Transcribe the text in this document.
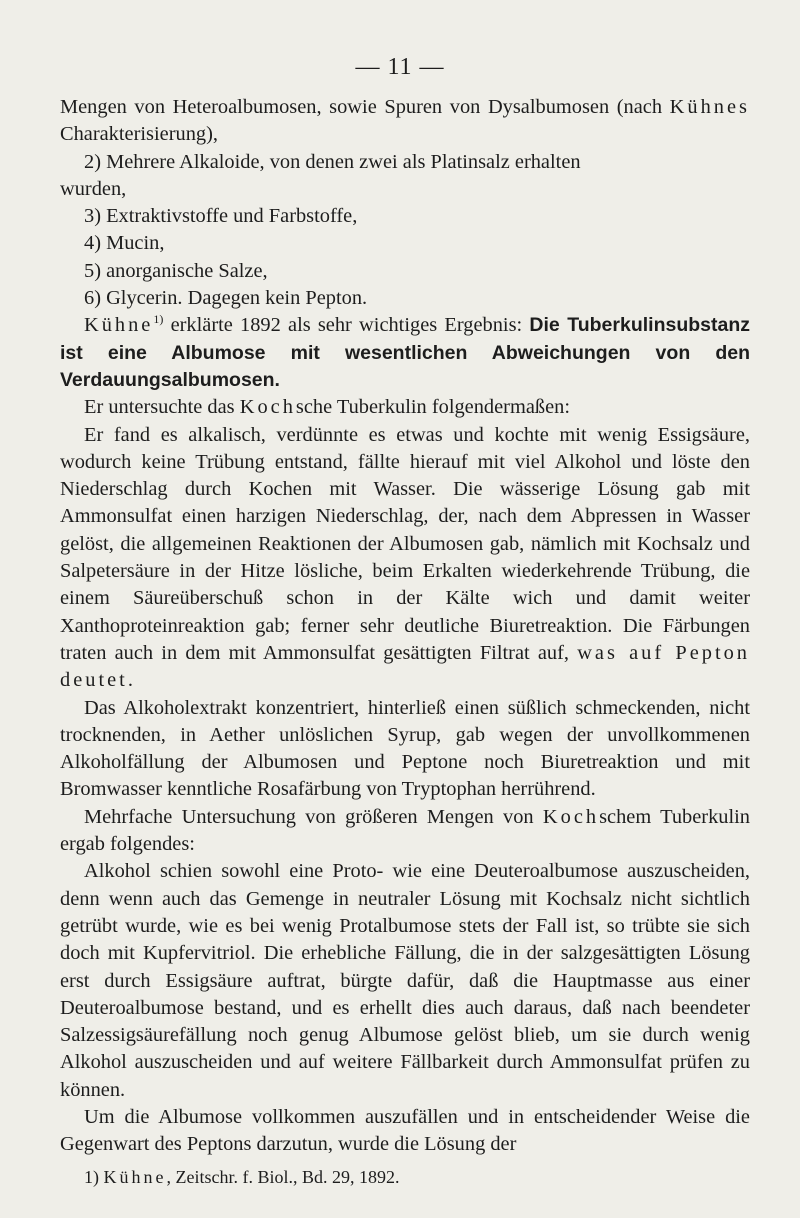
— 11 —

Mengen von Heteroalbumosen, sowie Spuren von Dysalbumosen (nach Kühnes Charakterisierung),

2) Mehrere Alkaloide, von denen zwei als Platinsalz erhalten

wurden,

3) Extraktivstoffe und Farbstoffe,

4) Mucin,

5) anorganische Salze,

6) Glycerin. Dagegen kein Pepton.

Kühne$^{1)}$ erklärte 1892 als sehr wichtiges Ergebnis: Die Tuberkulinsubstanz ist eine Albumose mit wesentlichen Abweichungen von den Verdauungsalbumosen.

Er untersuchte das Kochsche Tuberkulin folgendermaßen:

Er fand es alkalisch, verdünnte es etwas und kochte mit wenig Essigsäure, wodurch keine Trübung entstand, fällte hierauf mit viel Alkohol und löste den Niederschlag durch Kochen mit Wasser. Die wässerige Lösung gab mit Ammonsulfat einen harzigen Niederschlag, der, nach dem Abpressen in Wasser gelöst, die allgemeinen Reaktionen der Albumosen gab, nämlich mit Kochsalz und Salpetersäure in der Hitze lösliche, beim Erkalten wiederkehrende Trübung, die einem Säureüberschuß schon in der Kälte wich und damit weiter Xanthoproteinreaktion gab; ferner sehr deutliche Biuretreaktion. Die Färbungen traten auch in dem mit Ammonsulfat gesättigten Filtrat auf, was auf Pepton deutet.

Das Alkoholextrakt konzentriert, hinterließ einen süßlich schmeckenden, nicht trocknenden, in Aether unlöslichen Syrup, gab wegen der unvollkommenen Alkoholfällung der Albumosen und Peptone noch Biuretreaktion und mit Bromwasser kenntliche Rosafärbung von Tryptophan herrührend.

Mehrfache Untersuchung von größeren Mengen von Kochschem Tuberkulin ergab folgendes:

Alkohol schien sowohl eine Proto- wie eine Deuteroalbumose auszuscheiden, denn wenn auch das Gemenge in neutraler Lösung mit Kochsalz nicht sichtlich getrübt wurde, wie es bei wenig Protalbumose stets der Fall ist, so trübte sie sich doch mit Kupfervitriol. Die erhebliche Fällung, die in der salzgesättigten Lösung erst durch Essigsäure auftrat, bürgte dafür, daß die Hauptmasse aus einer Deuteroalbumose bestand, und es erhellt dies auch daraus, daß nach beendeter Salzessigsäurefällung noch genug Albumose gelöst blieb, um sie durch wenig Alkohol auszuscheiden und auf weitere Fällbarkeit durch Ammonsulfat prüfen zu können.

Um die Albumose vollkommen auszufällen und in entscheidender Weise die Gegenwart des Peptons darzutun, wurde die Lösung der

1) Kühne, Zeitschr. f. Biol., Bd. 29, 1892.
